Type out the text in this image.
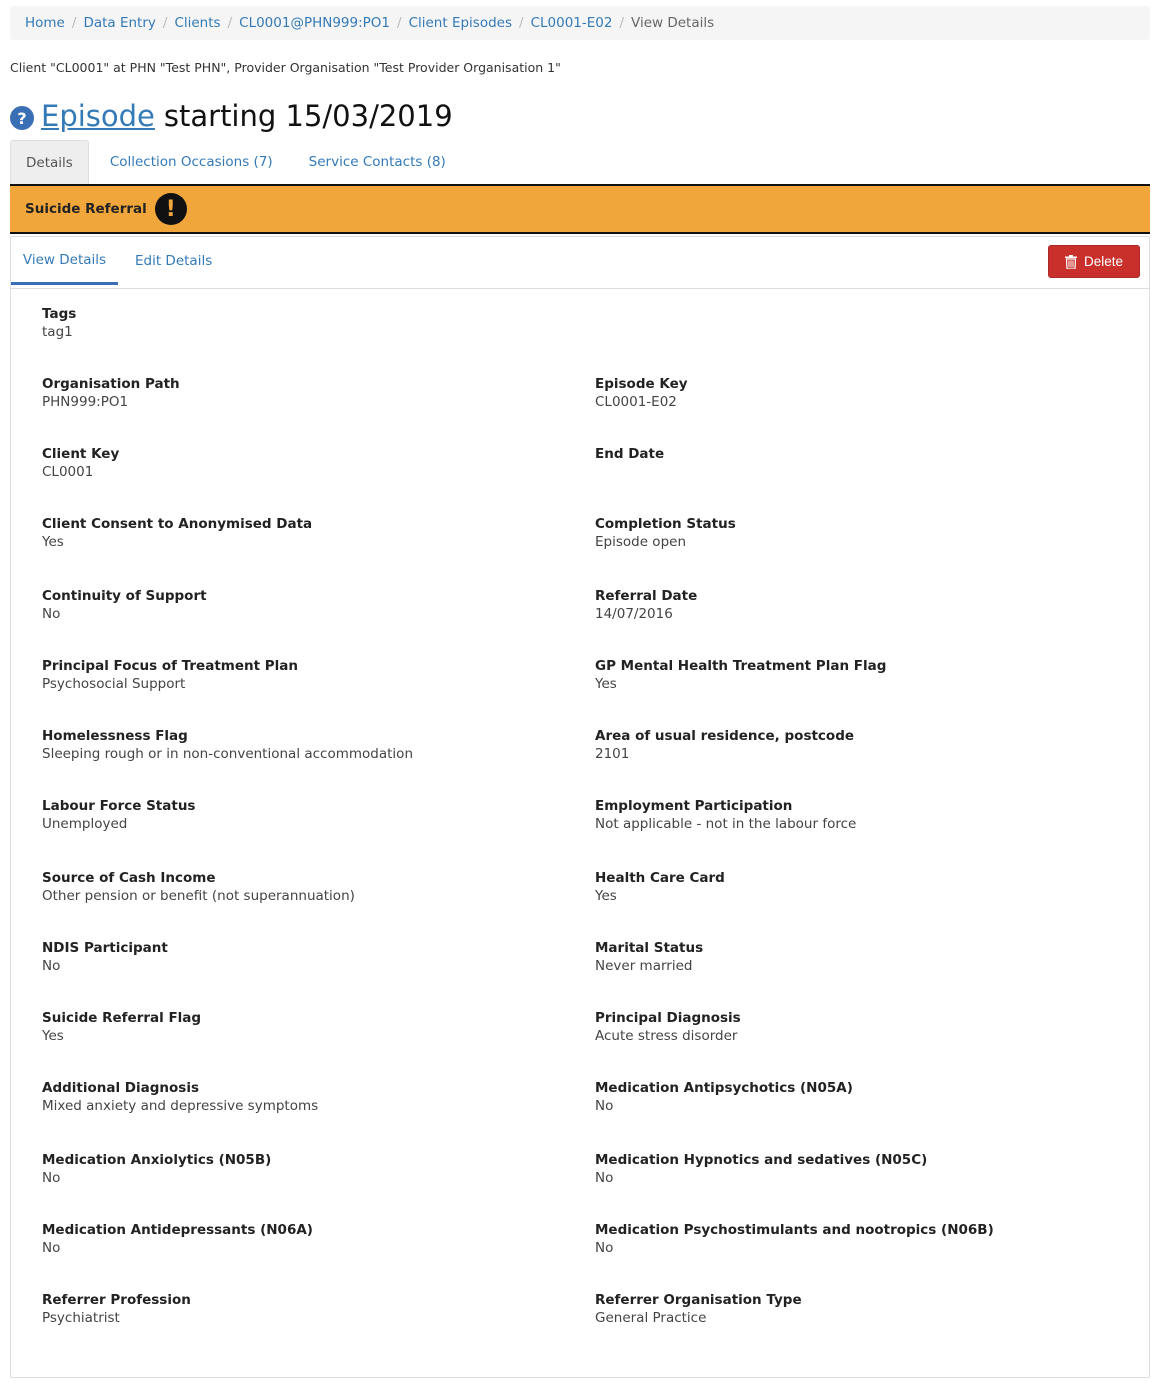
Home / Data Entry / Clients / CL0001@PHN999:PO1 / Client Episodes / CL0001-E02 / View Details
Client "CL0001" at PHN "Test PHN", Provider Organisation "Test Provider Organisation 1"
? Episode starting 15/03/2019
Details	Collection Occasions (7)	Service Contacts (8)
Suicide Referral !
View Details	Edit Details	Delete
Tags
tag1
Organisation Path
PHN999:PO1
Episode Key
CL0001-E02
Client Key
CL0001
End Date
Client Consent to Anonymised Data
Yes
Completion Status
Episode open
Continuity of Support
No
Referral Date
14/07/2016
Principal Focus of Treatment Plan
Psychosocial Support
GP Mental Health Treatment Plan Flag
Yes
Homelessness Flag
Sleeping rough or in non-conventional accommodation
Area of usual residence, postcode
2101
Labour Force Status
Unemployed
Employment Participation
Not applicable - not in the labour force
Source of Cash Income
Other pension or benefit (not superannuation)
Health Care Card
Yes
NDIS Participant
No
Marital Status
Never married
Suicide Referral Flag
Yes
Principal Diagnosis
Acute stress disorder
Additional Diagnosis
Mixed anxiety and depressive symptoms
Medication Antipsychotics (N05A)
No
Medication Anxiolytics (N05B)
No
Medication Hypnotics and sedatives (N05C)
No
Medication Antidepressants (N06A)
No
Medication Psychostimulants and nootropics (N06B)
No
Referrer Profession
Psychiatrist
Referrer Organisation Type
General Practice
